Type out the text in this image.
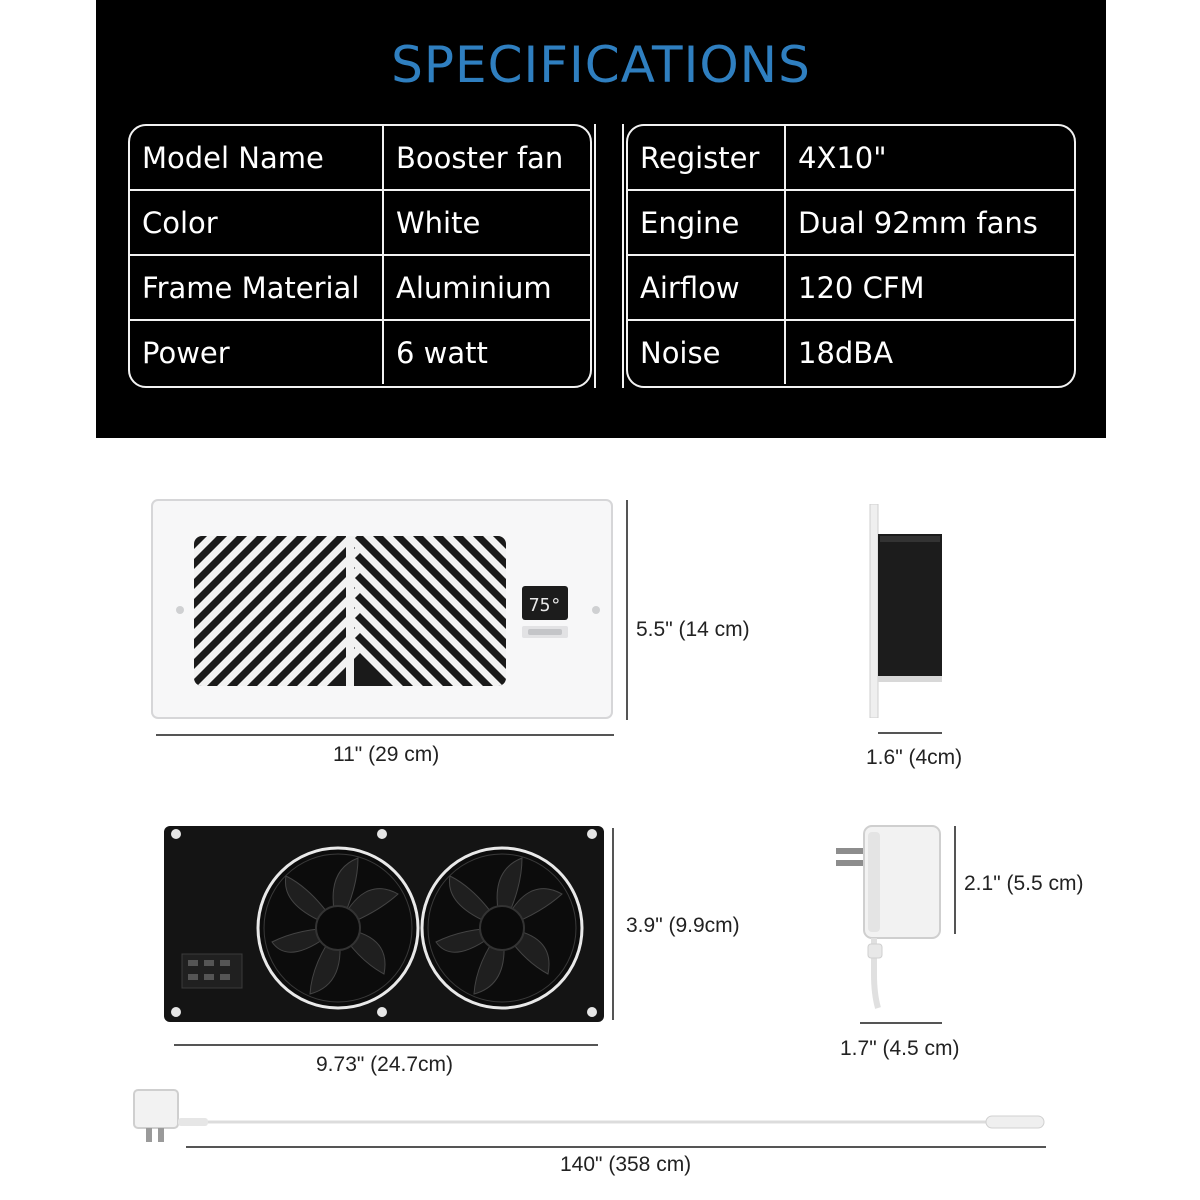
SPECIFICATIONS
Model Name	Booster fan
Color	White
Frame Material	Aluminium
Power	6 watt
Register	4X10"
Engine	Dual 92mm fans
Airflow	120 CFM
Noise	18dBA
75°
5.5" (14 cm)
11" (29 cm)	1.6" (4cm)
3.9" (9.9cm)
9.73" (24.7cm)
2.1" (5.5 cm)
1.7" (4.5 cm)
140" (358 cm)
